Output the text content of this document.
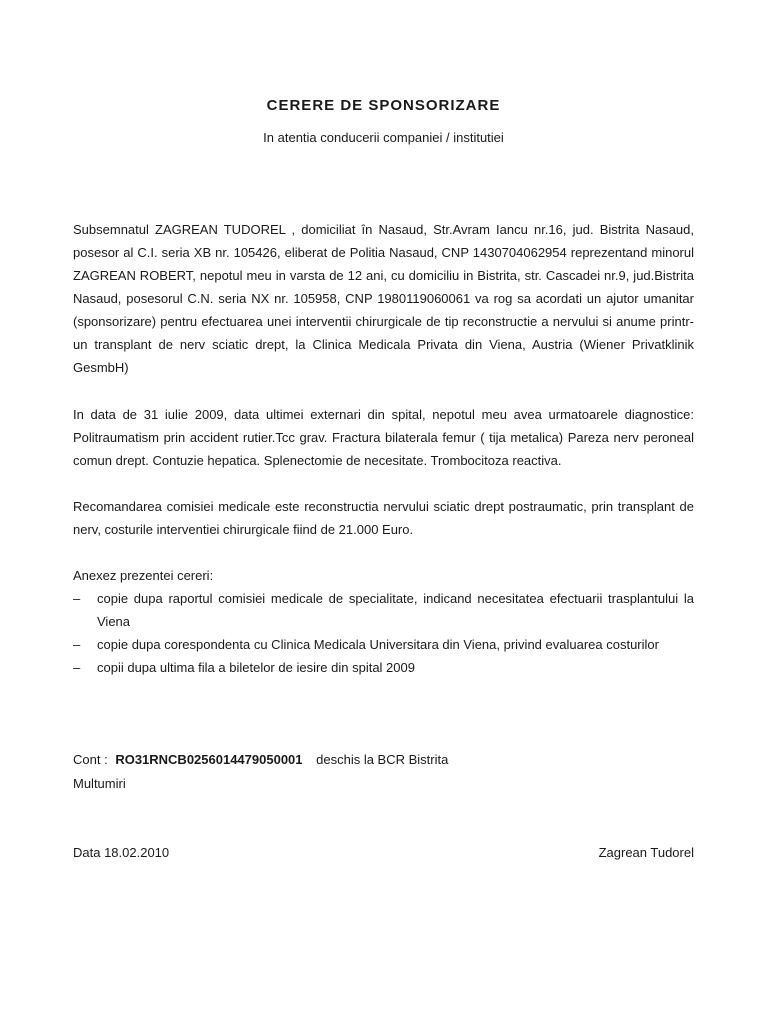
CERERE DE SPONSORIZARE
In atentia conducerii companiei / institutiei

Subsemnatul ZAGREAN TUDOREL , domiciliat în Nasaud, Str.Avram Iancu nr.16, jud. Bistrita Nasaud, posesor al C.I. seria XB nr. 105426, eliberat de Politia Nasaud, CNP 1430704062954 reprezentand minorul ZAGREAN ROBERT, nepotul meu in varsta de 12 ani, cu domiciliu in Bistrita, str. Cascadei nr.9, jud.Bistrita Nasaud, posesorul C.N. seria NX nr. 105958, CNP 1980119060061 va rog sa acordati un ajutor umanitar (sponsorizare) pentru efectuarea unei interventii chirurgicale de tip reconstructie a nervului si anume printr-un transplant de nerv sciatic drept, la Clinica Medicala Privata din Viena, Austria (Wiener Privatklinik GesmbH)

In data de 31 iulie 2009, data ultimei externari din spital, nepotul meu avea urmatoarele diagnostice: Politraumatism prin accident rutier.Tcc grav. Fractura bilaterala femur ( tija metalica) Pareza nerv peroneal comun drept. Contuzie hepatica. Splenectomie de necesitate. Trombocitoza reactiva.

Recomandarea comisiei medicale este reconstructia nervului sciatic drept postraumatic, prin transplant de nerv, costurile interventiei chirurgicale fiind de 21.000 Euro.

Anexez prezentei cereri:

– copie dupa raportul comisiei medicale de specialitate, indicand necesitatea efectuarii trasplantului la Viena
– copie dupa corespondenta cu Clinica Medicala Universitara din Viena, privind evaluarea costurilor
– copii dupa ultima fila a biletelor de iesire din spital 2009
Cont : RO31RNCB0256014479050001 deschis la BCR Bistrita
Multumiri
Data 18.02.2010	Zagrean Tudorel
